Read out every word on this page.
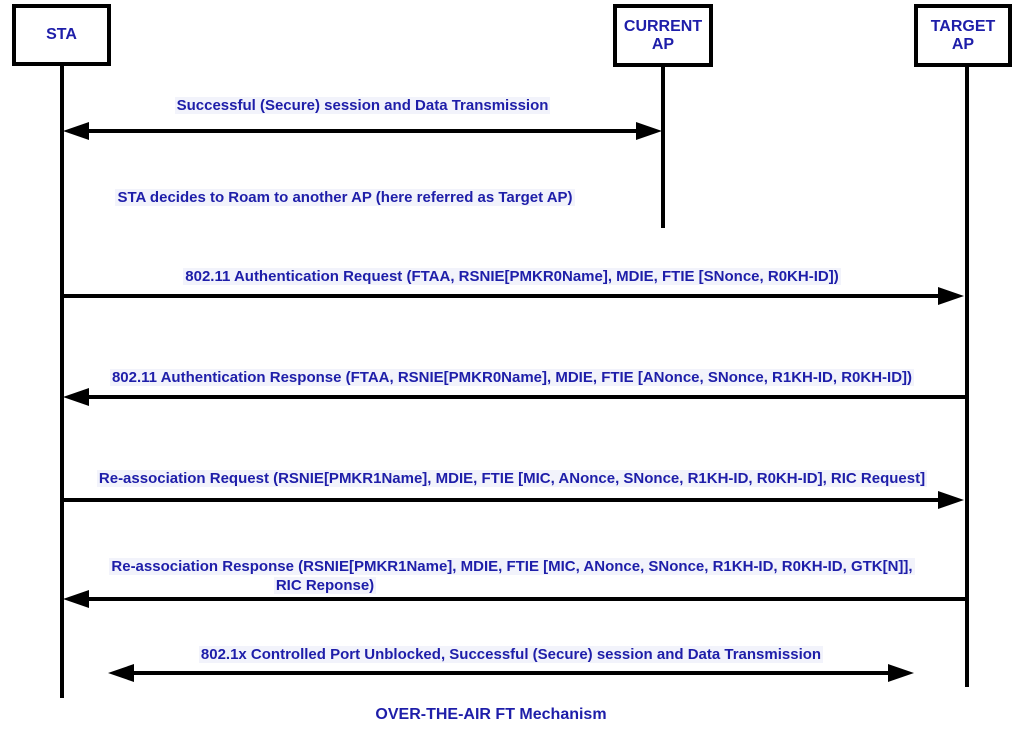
STA	CURRENT
AP
TARGET
AP
Successful (Secure) session and Data Transmission
STA decides to Roam to another AP (here referred as Target AP)
802.11 Authentication Request (FTAA, RSNIE[PMKR0Name], MDIE, FTIE [SNonce, R0KH-ID])
802.11 Authentication Response (FTAA, RSNIE[PMKR0Name], MDIE, FTIE [ANonce, SNonce, R1KH-ID, R0KH-ID])
Re-association Request (RSNIE[PMKR1Name], MDIE, FTIE [MIC, ANonce, SNonce, R1KH-ID, R0KH-ID], RIC Request]
Re-association Response (RSNIE[PMKR1Name], MDIE, FTIE [MIC, ANonce, SNonce, R1KH-ID, R0KH-ID, GTK[N]],
RIC Reponse)
802.1x Controlled Port Unblocked, Successful (Secure) session and Data Transmission
OVER-THE-AIR FT Mechanism
